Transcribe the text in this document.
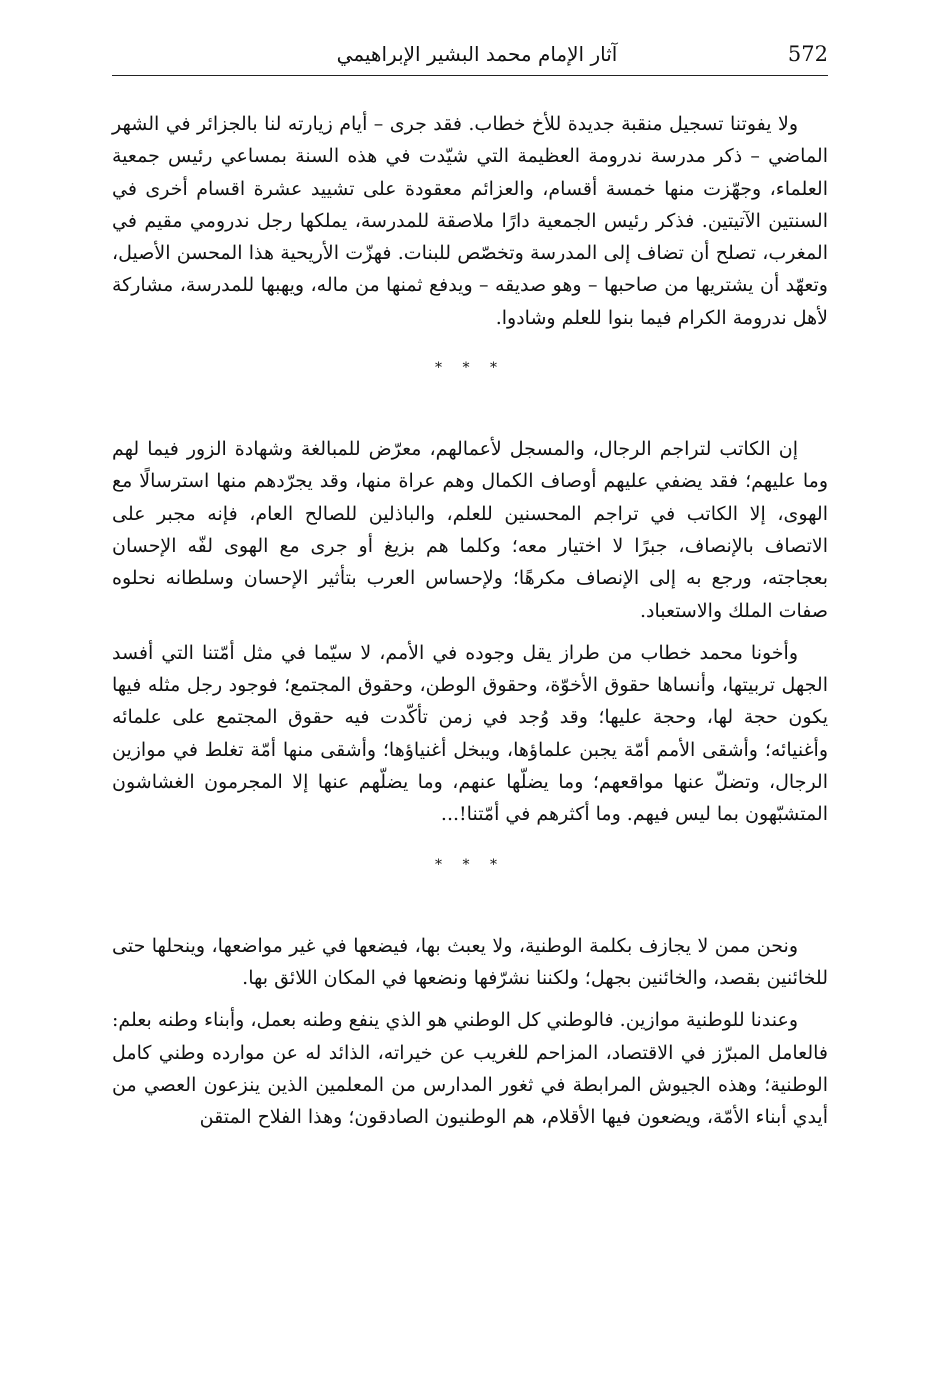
572
آثار الإمام محمد البشير الإبراهيمي

ولا يفوتنا تسجيل منقبة جديدة للأخ خطاب. فقد جرى – أيام زيارته لنا بالجزائر في الشهر الماضي – ذكر مدرسة ندرومة العظيمة التي شيّدت في هذه السنة بمساعي رئيس جمعية العلماء، وجهّزت منها خمسة أقسام، والعزائم معقودة على تشييد عشرة اقسام أخرى في السنتين الآتيتين. فذكر رئيس الجمعية دارًا ملاصقة للمدرسة، يملكها رجل ندرومي مقيم في المغرب، تصلح أن تضاف إلى المدرسة وتخصّص للبنات. فهزّت الأريحية هذا المحسن الأصيل، وتعهّد أن يشتريها من صاحبها – وهو صديقه – ويدفع ثمنها من ماله، ويهبها للمدرسة، مشاركة لأهل ندرومة الكرام فيما بنوا للعلم وشادوا.

* * *

إن الكاتب لتراجم الرجال، والمسجل لأعمالهم، معرّض للمبالغة وشهادة الزور فيما لهم وما عليهم؛ فقد يضفي عليهم أوصاف الكمال وهم عراة منها، وقد يجرّدهم منها استرسالًا مع الهوى، إلا الكاتب في تراجم المحسنين للعلم، والباذلين للصالح العام، فإنه مجبر على الاتصاف بالإنصاف، جبرًا لا اختيار معه؛ وكلما هم بزيغ أو جرى مع الهوى لفّه الإحسان بعجاجته، ورجع به إلى الإنصاف مكرهًا؛ ولإحساس العرب بتأثير الإحسان وسلطانه نحلوه صفات الملك والاستعباد.

وأخونا محمد خطاب من طراز يقل وجوده في الأمم، لا سيّما في مثل أمّتنا التي أفسد الجهل تربيتها، وأنساها حقوق الأخوّة، وحقوق الوطن، وحقوق المجتمع؛ فوجود رجل مثله فيها يكون حجة لها، وحجة عليها؛ وقد وُجد في زمن تأكّدت فيه حقوق المجتمع على علمائه وأغنيائه؛ وأشقى الأمم أمّة يجبن علماؤها، ويبخل أغنياؤها؛ وأشقى منها أمّة تغلط في موازين الرجال، وتضلّ عنها مواقعهم؛ وما يضلّها عنهم، وما يضلّهم عنها إلا المجرمون الغشاشون المتشبّهون بما ليس فيهم. وما أكثرهم في أمّتنا!...

* * *

ونحن ممن لا يجازف بكلمة الوطنية، ولا يعبث بها، فيضعها في غير مواضعها، وينحلها حتى للخائنين بقصد، والخائنين بجهل؛ ولكننا نشرّفها ونضعها في المكان اللائق بها.

وعندنا للوطنية موازين. فالوطني كل الوطني هو الذي ينفع وطنه بعمل، وأبناء وطنه بعلم: فالعامل المبرّز في الاقتصاد، المزاحم للغريب عن خيراته، الذائد له عن موارده وطني كامل الوطنية؛ وهذه الجيوش المرابطة في ثغور المدارس من المعلمين الذين ينزعون العصي من أيدي أبناء الأمّة، ويضعون فيها الأقلام، هم الوطنيون الصادقون؛ وهذا الفلاح المتقن
